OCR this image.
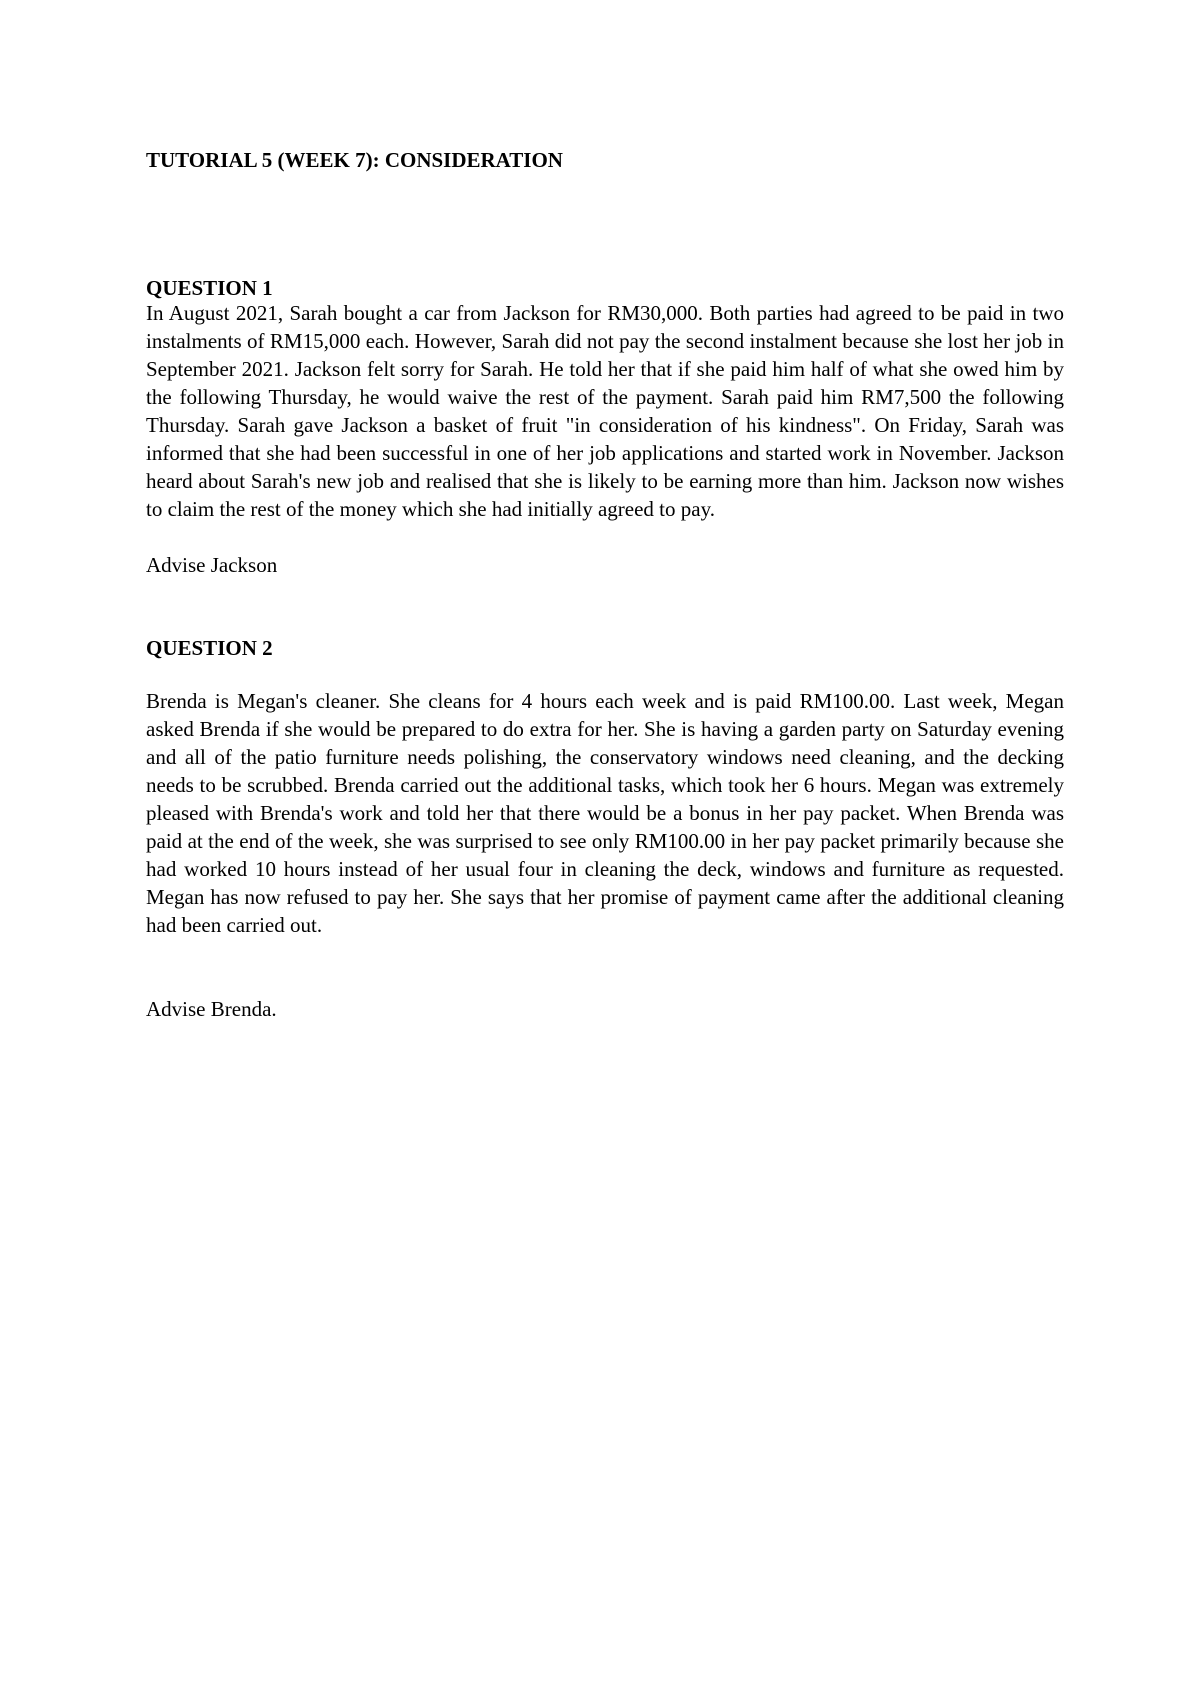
TUTORIAL 5 (WEEK 7): CONSIDERATION

QUESTION 1

In August 2021, Sarah bought a car from Jackson for RM30,000. Both parties had agreed to be paid in two instalments of RM15,000 each. However, Sarah did not pay the second instalment because she lost her job in September 2021. Jackson felt sorry for Sarah. He told her that if she paid him half of what she owed him by the following Thursday, he would waive the rest of the payment. Sarah paid him RM7,500 the following Thursday. Sarah gave Jackson a basket of fruit "in consideration of his kindness". On Friday, Sarah was informed that she had been successful in one of her job applications and started work in November. Jackson heard about Sarah's new job and realised that she is likely to be earning more than him. Jackson now wishes to claim the rest of the money which she had initially agreed to pay.

Advise Jackson

QUESTION 2

Brenda is Megan's cleaner. She cleans for 4 hours each week and is paid RM100.00. Last week, Megan asked Brenda if she would be prepared to do extra for her. She is having a garden party on Saturday evening and all of the patio furniture needs polishing, the conservatory windows need cleaning, and the decking needs to be scrubbed. Brenda carried out the additional tasks, which took her 6 hours. Megan was extremely pleased with Brenda's work and told her that there would be a bonus in her pay packet. When Brenda was paid at the end of the week, she was surprised to see only RM100.00 in her pay packet primarily because she had worked 10 hours instead of her usual four in cleaning the deck, windows and furniture as requested. Megan has now refused to pay her. She says that her promise of payment came after the additional cleaning had been carried out.

Advise Brenda.
